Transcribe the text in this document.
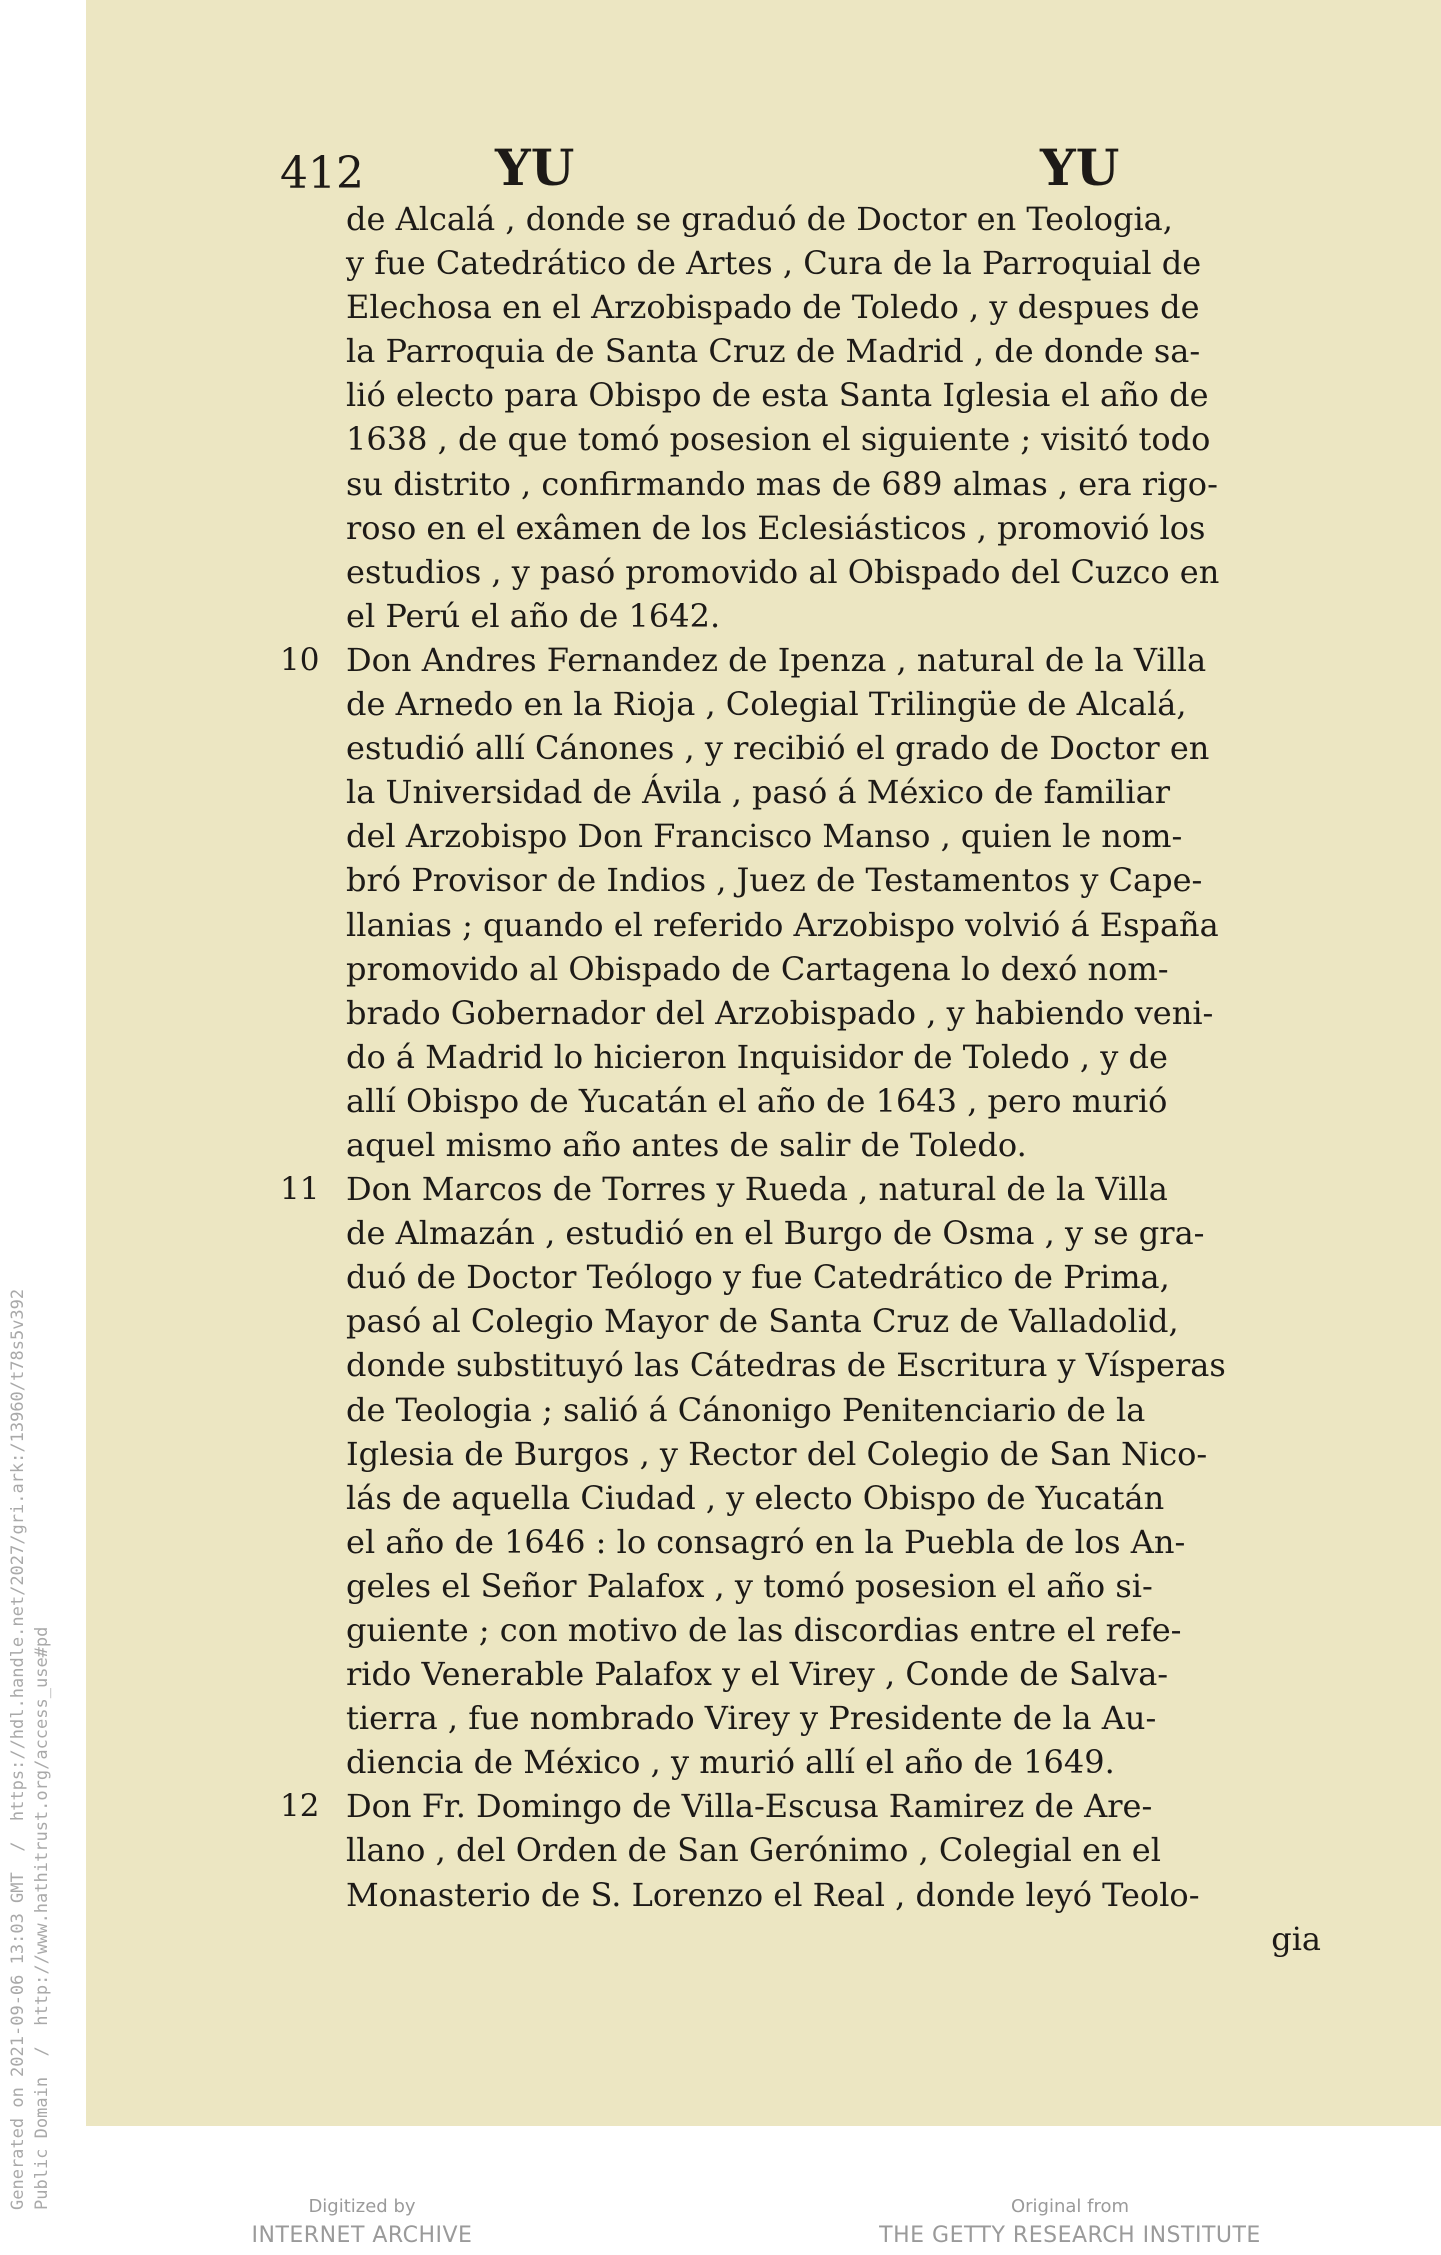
Generated on 2021-09-06 13:03 GMT  /  https://hdl.handle.net/2027/gri.ark:/13960/t78s5v392 Public Domain  /  http://www.hathitrust.org/access_use#pd
412	YU	YU
de Alcalá , donde se graduó de Doctor en Teologia,
y fue Catedrático de Artes , Cura de la Parroquial de
Elechosa en el Arzobispado de Toledo , y despues de
la Parroquia de Santa Cruz de Madrid , de donde sa-
lió electo para Obispo de esta Santa Iglesia el año de
1638 , de que tomó posesion el siguiente ; visitó todo
su distrito , confirmando mas de 689 almas , era rigo-
roso en el exâmen de los Eclesiásticos , promovió los
estudios , y pasó promovido al Obispado del Cuzco en
el Perú el año de 1642.
10 Don Andres Fernandez de Ipenza , natural de la Villa
de Arnedo en la Rioja , Colegial Trilingüe de Alcalá,
estudió allí Cánones , y recibió el grado de Doctor en
la Universidad de Ávila , pasó á México de familiar
del Arzobispo Don Francisco Manso , quien le nom-
bró Provisor de Indios , Juez de Testamentos y Cape-
llanias ; quando el referido Arzobispo volvió á España
promovido al Obispado de Cartagena lo dexó nom-
brado Gobernador del Arzobispado , y habiendo veni-
do á Madrid lo hicieron Inquisidor de Toledo , y de
allí Obispo de Yucatán el año de 1643 , pero murió
aquel mismo año antes de salir de Toledo.
11 Don Marcos de Torres y Rueda , natural de la Villa
de Almazán , estudió en el Burgo de Osma , y se gra-
duó de Doctor Teólogo y fue Catedrático de Prima,
pasó al Colegio Mayor de Santa Cruz de Valladolid,
donde substituyó las Cátedras de Escritura y Vísperas
de Teologia ; salió á Cánonigo Penitenciario de la
Iglesia de Burgos , y Rector del Colegio de San Nico-
lás de aquella Ciudad , y electo Obispo de Yucatán
el año de 1646 : lo consagró en la Puebla de los An-
geles el Señor Palafox , y tomó posesion el año si-
guiente ; con motivo de las discordias entre el refe-
rido Venerable Palafox y el Virey , Conde de Salva-
tierra , fue nombrado Virey y Presidente de la Au-
diencia de México , y murió allí el año de 1649.
12 Don Fr. Domingo de Villa-Escusa Ramirez de Are-
llano , del Orden de San Gerónimo , Colegial en el
Monasterio de S. Lorenzo el Real , donde leyó Teolo-
gia
Digitized by
INTERNET ARCHIVE
Original from
THE GETTY RESEARCH INSTITUTE
